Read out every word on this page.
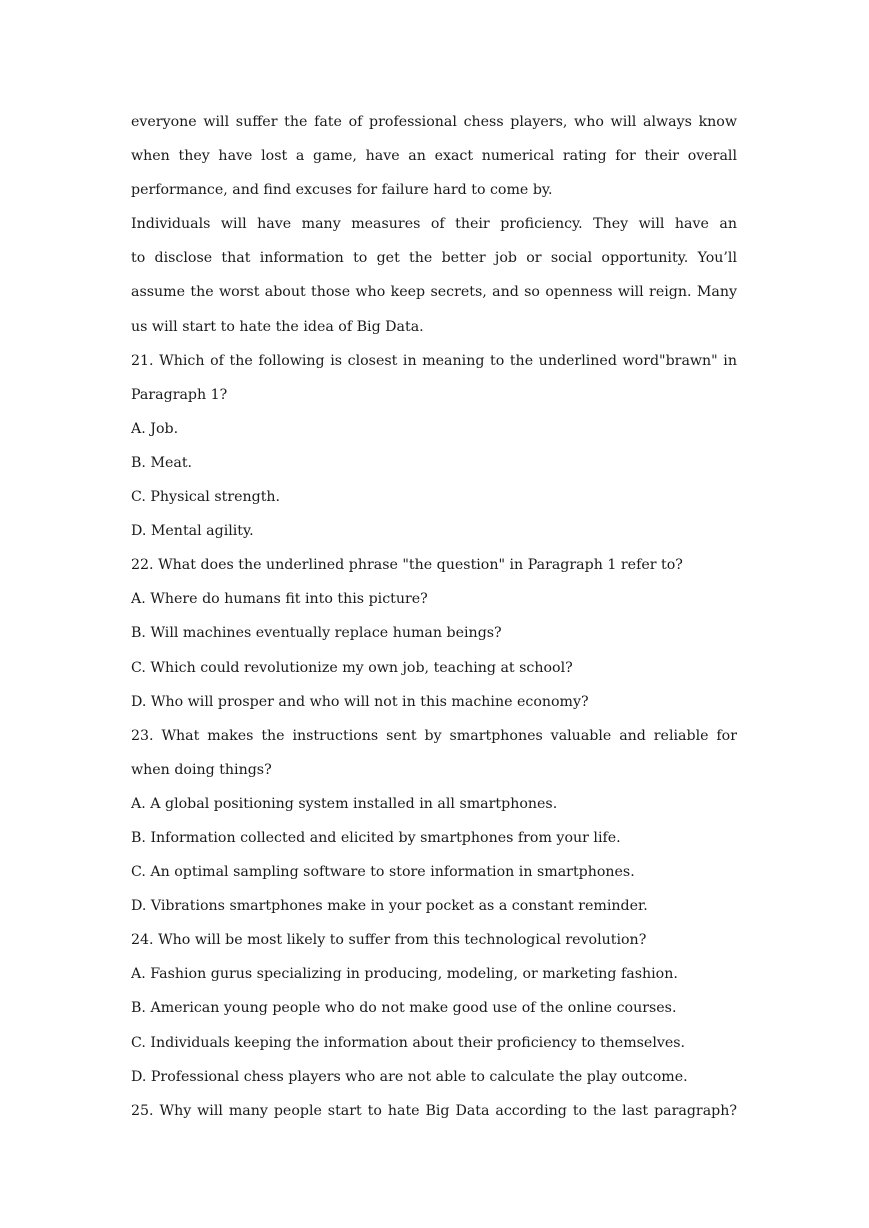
everyone will suffer the fate of professional chess players, who will always know
when they have lost a game, have an exact numerical rating for their overall
performance, and find excuses for failure hard to come by.
Individuals will have many measures of their proficiency. They will have an
to disclose that information to get the better job or social opportunity. You’ll
assume the worst about those who keep secrets, and so openness will reign. Many
us will start to hate the idea of Big Data.
21. Which of the following is closest in meaning to the underlined word"brawn" in
Paragraph 1?
A. Job.
B. Meat.
C. Physical strength.
D. Mental agility.
22. What does the underlined phrase "the question" in Paragraph 1 refer to?
A. Where do humans fit into this picture?
B. Will machines eventually replace human beings?
C. Which could revolutionize my own job, teaching at school?
D. Who will prosper and who will not in this machine economy?
23. What makes the instructions sent by smartphones valuable and reliable for
when doing things?
A. A global positioning system installed in all smartphones.
B. Information collected and elicited by smartphones from your life.
C. An optimal sampling software to store information in smartphones.
D. Vibrations smartphones make in your pocket as a constant reminder.
24. Who will be most likely to suffer from this technological revolution?
A. Fashion gurus specializing in producing, modeling, or marketing fashion.
B. American young people who do not make good use of the online courses.
C. Individuals keeping the information about their proficiency to themselves.
D. Professional chess players who are not able to calculate the play outcome.
25. Why will many people start to hate Big Data according to the last paragraph?
